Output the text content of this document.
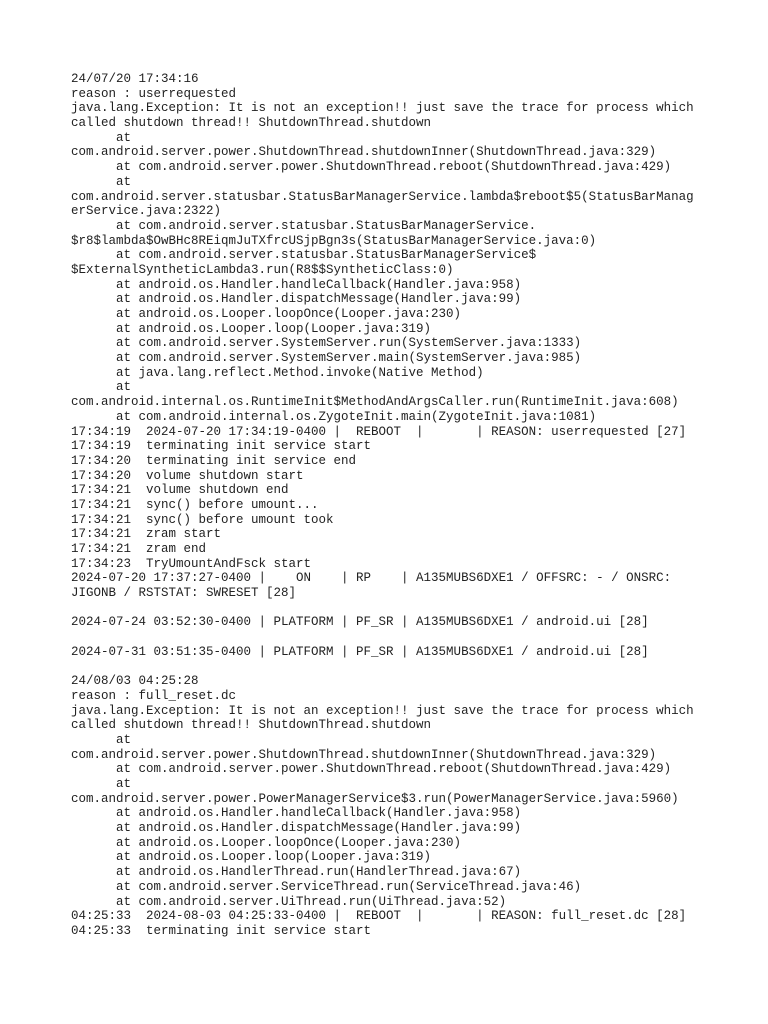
24/07/20 17:34:16
reason : userrequested
java.lang.Exception: It is not an exception!! just save the trace for process which
called shutdown thread!! ShutdownThread.shutdown
at
com.android.server.power.ShutdownThread.shutdownInner(ShutdownThread.java:329)
at com.android.server.power.ShutdownThread.reboot(ShutdownThread.java:429)
at
com.android.server.statusbar.StatusBarManagerService.lambda$reboot$5(StatusBarManag
erService.java:2322)
at com.android.server.statusbar.StatusBarManagerService.
$r8$lambda$OwBHc8REiqmJuTXfrcUSjpBgn3s(StatusBarManagerService.java:0)
at com.android.server.statusbar.StatusBarManagerService$
$ExternalSyntheticLambda3.run(R8$$SyntheticClass:0)
at android.os.Handler.handleCallback(Handler.java:958)
at android.os.Handler.dispatchMessage(Handler.java:99)
at android.os.Looper.loopOnce(Looper.java:230)
at android.os.Looper.loop(Looper.java:319)
at com.android.server.SystemServer.run(SystemServer.java:1333)
at com.android.server.SystemServer.main(SystemServer.java:985)
at java.lang.reflect.Method.invoke(Native Method)
at
com.android.internal.os.RuntimeInit$MethodAndArgsCaller.run(RuntimeInit.java:608)
at com.android.internal.os.ZygoteInit.main(ZygoteInit.java:1081)
17:34:19  2024-07-20 17:34:19-0400 |  REBOOT  |       | REASON: userrequested [27]
17:34:19  terminating init service start
17:34:20  terminating init service end
17:34:20  volume shutdown start
17:34:21  volume shutdown end
17:34:21  sync() before umount...
17:34:21  sync() before umount took
17:34:21  zram start
17:34:21  zram end
17:34:23  TryUmountAndFsck start
2024-07-20 17:37:27-0400 |    ON    | RP    | A135MUBS6DXE1 / OFFSRC: - / ONSRC:
JIGONB / RSTSTAT: SWRESET [28]
2024-07-24 03:52:30-0400 | PLATFORM | PF_SR | A135MUBS6DXE1 / android.ui [28]
2024-07-31 03:51:35-0400 | PLATFORM | PF_SR | A135MUBS6DXE1 / android.ui [28]
24/08/03 04:25:28
reason : full_reset.dc
java.lang.Exception: It is not an exception!! just save the trace for process which
called shutdown thread!! ShutdownThread.shutdown
at
com.android.server.power.ShutdownThread.shutdownInner(ShutdownThread.java:329)
at com.android.server.power.ShutdownThread.reboot(ShutdownThread.java:429)
at
com.android.server.power.PowerManagerService$3.run(PowerManagerService.java:5960)
at android.os.Handler.handleCallback(Handler.java:958)
at android.os.Handler.dispatchMessage(Handler.java:99)
at android.os.Looper.loopOnce(Looper.java:230)
at android.os.Looper.loop(Looper.java:319)
at android.os.HandlerThread.run(HandlerThread.java:67)
at com.android.server.ServiceThread.run(ServiceThread.java:46)
at com.android.server.UiThread.run(UiThread.java:52)
04:25:33  2024-08-03 04:25:33-0400 |  REBOOT  |       | REASON: full_reset.dc [28]
04:25:33  terminating init service start
